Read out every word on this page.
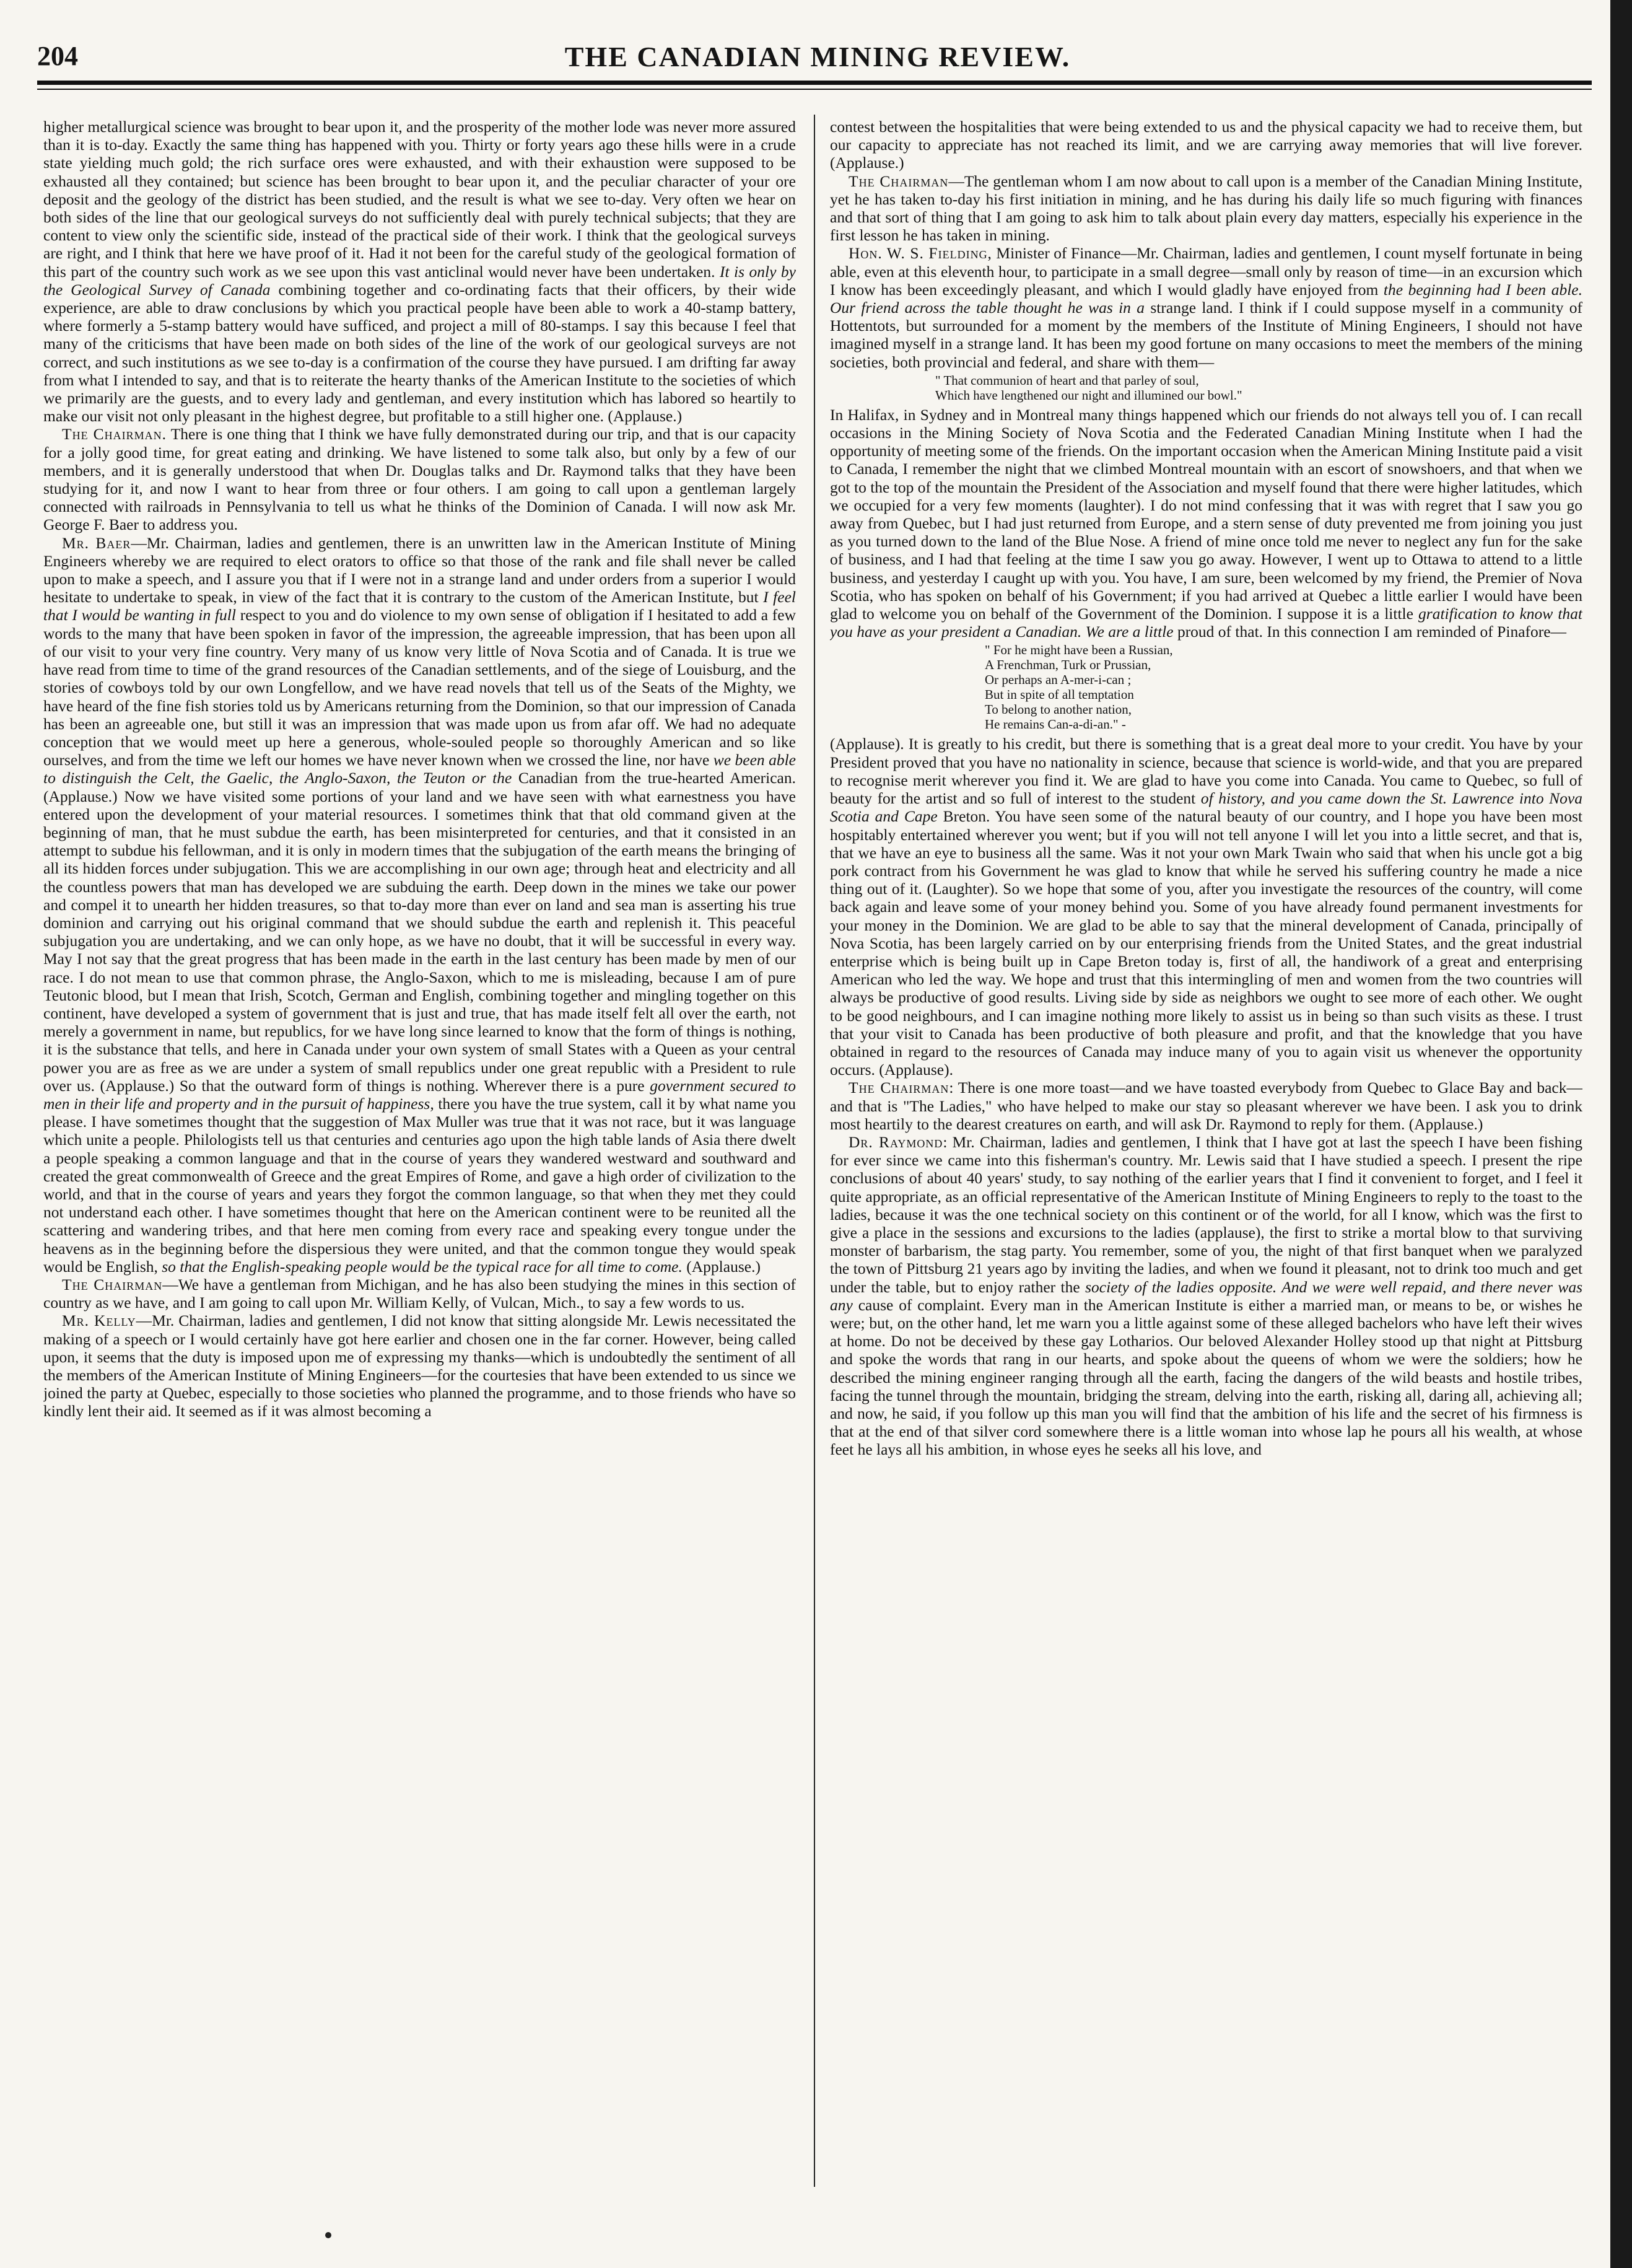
204	THE CANADIAN MINING REVIEW.

higher metallurgical science was brought to bear upon it, and the prosperity of the mother lode was never more assured than it is to-day. Exactly the same thing has happened with you. Thirty or forty years ago these hills were in a crude state yielding much gold; the rich surface ores were exhausted, and with their exhaustion were supposed to be exhausted all they contained; but science has been brought to bear upon it, and the peculiar character of your ore deposit and the geology of the district has been studied, and the result is what we see to-day. Very often we hear on both sides of the line that our geological surveys do not sufficiently deal with purely technical subjects; that they are content to view only the scientific side, instead of the practical side of their work. I think that the geological surveys are right, and I think that here we have proof of it. Had it not been for the careful study of the geological formation of this part of the country such work as we see upon this vast anticlinal would never have been undertaken. It is only by the Geological Survey of Canada combining together and co-ordinating facts that their officers, by their wide experience, are able to draw conclusions by which you practical people have been able to work a 40-stamp battery, where formerly a 5-stamp battery would have sufficed, and project a mill of 80-stamps. I say this because I feel that many of the criticisms that have been made on both sides of the line of the work of our geological surveys are not correct, and such institutions as we see to-day is a confirmation of the course they have pursued. I am drifting far away from what I intended to say, and that is to reiterate the hearty thanks of the American Institute to the societies of which we primarily are the guests, and to every lady and gentleman, and every institution which has labored so heartily to make our visit not only pleasant in the highest degree, but profitable to a still higher one. (Applause.)

The Chairman. There is one thing that I think we have fully demonstrated during our trip, and that is our capacity for a jolly good time, for great eating and drinking. We have listened to some talk also, but only by a few of our members, and it is generally understood that when Dr. Douglas talks and Dr. Raymond talks that they have been studying for it, and now I want to hear from three or four others. I am going to call upon a gentleman largely connected with railroads in Pennsylvania to tell us what he thinks of the Dominion of Canada. I will now ask Mr. George F. Baer to address you.

Mr. Baer—Mr. Chairman, ladies and gentlemen, there is an unwritten law in the American Institute of Mining Engineers whereby we are required to elect orators to office so that those of the rank and file shall never be called upon to make a speech, and I assure you that if I were not in a strange land and under orders from a superior I would hesitate to undertake to speak, in view of the fact that it is contrary to the custom of the American Institute, but I feel that I would be wanting in full respect to you and do violence to my own sense of obligation if I hesitated to add a few words to the many that have been spoken in favor of the impression, the agreeable impression, that has been upon all of our visit to your very fine country. Very many of us know very little of Nova Scotia and of Canada. It is true we have read from time to time of the grand resources of the Canadian settlements, and of the siege of Louisburg, and the stories of cowboys told by our own Longfellow, and we have read novels that tell us of the Seats of the Mighty, we have heard of the fine fish stories told us by Americans returning from the Dominion, so that our impression of Canada has been an agreeable one, but still it was an impression that was made upon us from afar off. We had no adequate conception that we would meet up here a generous, whole-souled people so thoroughly American and so like ourselves, and from the time we left our homes we have never known when we crossed the line, nor have we been able to distinguish the Celt, the Gaelic, the Anglo-Saxon, the Teuton or the Canadian from the true-hearted American. (Applause.) Now we have visited some portions of your land and we have seen with what earnestness you have entered upon the development of your material resources. I sometimes think that that old command given at the beginning of man, that he must subdue the earth, has been misinterpreted for centuries, and that it consisted in an attempt to subdue his fellowman, and it is only in modern times that the subjugation of the earth means the bringing of all its hidden forces under subjugation. This we are accomplishing in our own age; through heat and electricity and all the countless powers that man has developed we are subduing the earth. Deep down in the mines we take our power and compel it to unearth her hidden treasures, so that to-day more than ever on land and sea man is asserting his true dominion and carrying out his original command that we should subdue the earth and replenish it. This peaceful subjugation you are undertaking, and we can only hope, as we have no doubt, that it will be successful in every way. May I not say that the great progress that has been made in the earth in the last century has been made by men of our race. I do not mean to use that common phrase, the Anglo-Saxon, which to me is misleading, because I am of pure Teutonic blood, but I mean that Irish, Scotch, German and English, combining together and mingling together on this continent, have developed a system of government that is just and true, that has made itself felt all over the earth, not merely a government in name, but republics, for we have long since learned to know that the form of things is nothing, it is the substance that tells, and here in Canada under your own system of small States with a Queen as your central power you are as free as we are under a system of small republics under one great republic with a President to rule over us. (Applause.) So that the outward form of things is nothing. Wherever there is a pure government secured to men in their life and property and in the pursuit of happiness, there you have the true system, call it by what name you please. I have sometimes thought that the suggestion of Max Muller was true that it was not race, but it was language which unite a people. Philologists tell us that centuries and centuries ago upon the high table lands of Asia there dwelt a people speaking a common language and that in the course of years they wandered westward and southward and created the great commonwealth of Greece and the great Empires of Rome, and gave a high order of civilization to the world, and that in the course of years and years they forgot the common language, so that when they met they could not understand each other. I have sometimes thought that here on the American continent were to be reunited all the scattering and wandering tribes, and that here men coming from every race and speaking every tongue under the heavens as in the beginning before the dispersious they were united, and that the common tongue they would speak would be English, so that the English-speaking people would be the typical race for all time to come. (Applause.)

The Chairman—We have a gentleman from Michigan, and he has also been studying the mines in this section of country as we have, and I am going to call upon Mr. William Kelly, of Vulcan, Mich., to say a few words to us.

Mr. Kelly—Mr. Chairman, ladies and gentlemen, I did not know that sitting alongside Mr. Lewis necessitated the making of a speech or I would certainly have got here earlier and chosen one in the far corner. However, being called upon, it seems that the duty is imposed upon me of expressing my thanks—which is undoubtedly the sentiment of all the members of the American Institute of Mining Engineers—for the courtesies that have been extended to us since we joined the party at Quebec, especially to those societies who planned the programme, and to those friends who have so kindly lent their aid. It seemed as if it was almost becoming a

contest between the hospitalities that were being extended to us and the physical capacity we had to receive them, but our capacity to appreciate has not reached its limit, and we are carrying away memories that will live forever. (Applause.)

The Chairman—The gentleman whom I am now about to call upon is a member of the Canadian Mining Institute, yet he has taken to-day his first initiation in mining, and he has during his daily life so much figuring with finances and that sort of thing that I am going to ask him to talk about plain every day matters, especially his experience in the first lesson he has taken in mining.

Hon. W. S. Fielding, Minister of Finance—Mr. Chairman, ladies and gentlemen, I count myself fortunate in being able, even at this eleventh hour, to participate in a small degree—small only by reason of time—in an excursion which I know has been exceedingly pleasant, and which I would gladly have enjoyed from the beginning had I been able. Our friend across the table thought he was in a strange land. I think if I could suppose myself in a community of Hottentots, but surrounded for a moment by the members of the Institute of Mining Engineers, I should not have imagined myself in a strange land. It has been my good fortune on many occasions to meet the members of the mining societies, both provincial and federal, and share with them—

" That communion of heart and that parley of soul,
Which have lengthened our night and illumined our bowl."

In Halifax, in Sydney and in Montreal many things happened which our friends do not always tell you of. I can recall occasions in the Mining Society of Nova Scotia and the Federated Canadian Mining Institute when I had the opportunity of meeting some of the friends. On the important occasion when the American Mining Institute paid a visit to Canada, I remember the night that we climbed Montreal mountain with an escort of snowshoers, and that when we got to the top of the mountain the President of the Association and myself found that there were higher latitudes, which we occupied for a very few moments (laughter). I do not mind confessing that it was with regret that I saw you go away from Quebec, but I had just returned from Europe, and a stern sense of duty prevented me from joining you just as you turned down to the land of the Blue Nose. A friend of mine once told me never to neglect any fun for the sake of business, and I had that feeling at the time I saw you go away. However, I went up to Ottawa to attend to a little business, and yesterday I caught up with you. You have, I am sure, been welcomed by my friend, the Premier of Nova Scotia, who has spoken on behalf of his Government; if you had arrived at Quebec a little earlier I would have been glad to welcome you on behalf of the Government of the Dominion. I suppose it is a little gratification to know that you have as your president a Canadian. We are a little proud of that. In this connection I am reminded of Pinafore—

" For he might have been a Russian,
A Frenchman, Turk or Prussian,
Or perhaps an A-mer-i-can ;
But in spite of all temptation
To belong to another nation,
He remains Can-a-di-an." -

(Applause). It is greatly to his credit, but there is something that is a great deal more to your credit. You have by your President proved that you have no nationality in science, because that science is world-wide, and that you are prepared to recognise merit wherever you find it. We are glad to have you come into Canada. You came to Quebec, so full of beauty for the artist and so full of interest to the student of history, and you came down the St. Lawrence into Nova Scotia and Cape Breton. You have seen some of the natural beauty of our country, and I hope you have been most hospitably entertained wherever you went; but if you will not tell anyone I will let you into a little secret, and that is, that we have an eye to business all the same. Was it not your own Mark Twain who said that when his uncle got a big pork contract from his Government he was glad to know that while he served his suffering country he made a nice thing out of it. (Laughter). So we hope that some of you, after you investigate the resources of the country, will come back again and leave some of your money behind you. Some of you have already found permanent investments for your money in the Dominion. We are glad to be able to say that the mineral development of Canada, principally of Nova Scotia, has been largely carried on by our enterprising friends from the United States, and the great industrial enterprise which is being built up in Cape Breton today is, first of all, the handiwork of a great and enterprising American who led the way. We hope and trust that this intermingling of men and women from the two countries will always be productive of good results. Living side by side as neighbors we ought to see more of each other. We ought to be good neighbours, and I can imagine nothing more likely to assist us in being so than such visits as these. I trust that your visit to Canada has been productive of both pleasure and profit, and that the knowledge that you have obtained in regard to the resources of Canada may induce many of you to again visit us whenever the opportunity occurs. (Applause).

The Chairman: There is one more toast—and we have toasted everybody from Quebec to Glace Bay and back—and that is "The Ladies," who have helped to make our stay so pleasant wherever we have been. I ask you to drink most heartily to the dearest creatures on earth, and will ask Dr. Raymond to reply for them. (Applause.)

Dr. Raymond: Mr. Chairman, ladies and gentlemen, I think that I have got at last the speech I have been fishing for ever since we came into this fisherman's country. Mr. Lewis said that I have studied a speech. I present the ripe conclusions of about 40 years' study, to say nothing of the earlier years that I find it convenient to forget, and I feel it quite appropriate, as an official representative of the American Institute of Mining Engineers to reply to the toast to the ladies, because it was the one technical society on this continent or of the world, for all I know, which was the first to give a place in the sessions and excursions to the ladies (applause), the first to strike a mortal blow to that surviving monster of barbarism, the stag party. You remember, some of you, the night of that first banquet when we paralyzed the town of Pittsburg 21 years ago by inviting the ladies, and when we found it pleasant, not to drink too much and get under the table, but to enjoy rather the society of the ladies opposite. And we were well repaid, and there never was any cause of complaint. Every man in the American Institute is either a married man, or means to be, or wishes he were; but, on the other hand, let me warn you a little against some of these alleged bachelors who have left their wives at home. Do not be deceived by these gay Lotharios. Our beloved Alexander Holley stood up that night at Pittsburg and spoke the words that rang in our hearts, and spoke about the queens of whom we were the soldiers; how he described the mining engineer ranging through all the earth, facing the dangers of the wild beasts and hostile tribes, facing the tunnel through the mountain, bridging the stream, delving into the earth, risking all, daring all, achieving all; and now, he said, if you follow up this man you will find that the ambition of his life and the secret of his firmness is that at the end of that silver cord somewhere there is a little woman into whose lap he pours all his wealth, at whose feet he lays all his ambition, in whose eyes he seeks all his love, and
